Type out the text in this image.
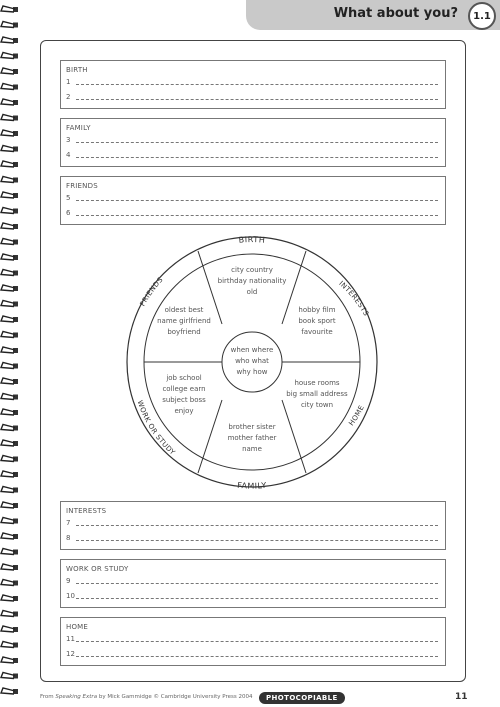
What about you?	1.1
BIRTH
1
2
FAMILY
3
4
FRIENDS
5
6
BIRTH
INTERESTS
HOME
FAMILY
WORK OR STUDY
FRIENDS
city country
birthday nationality
old
hobby film
book sport
favourite
house rooms
big small address
city town
brother sister
mother father
name
job school
college earn
subject boss
enjoy
oldest best
name girlfriend
boyfriend
when where
who what
why how
INTERESTS
7
8
WORK OR STUDY
9
10
HOME
11
12
From Speaking Extra by Mick Gammidge © Cambridge University Press 2004	PHOTOCOPIABLE	11
